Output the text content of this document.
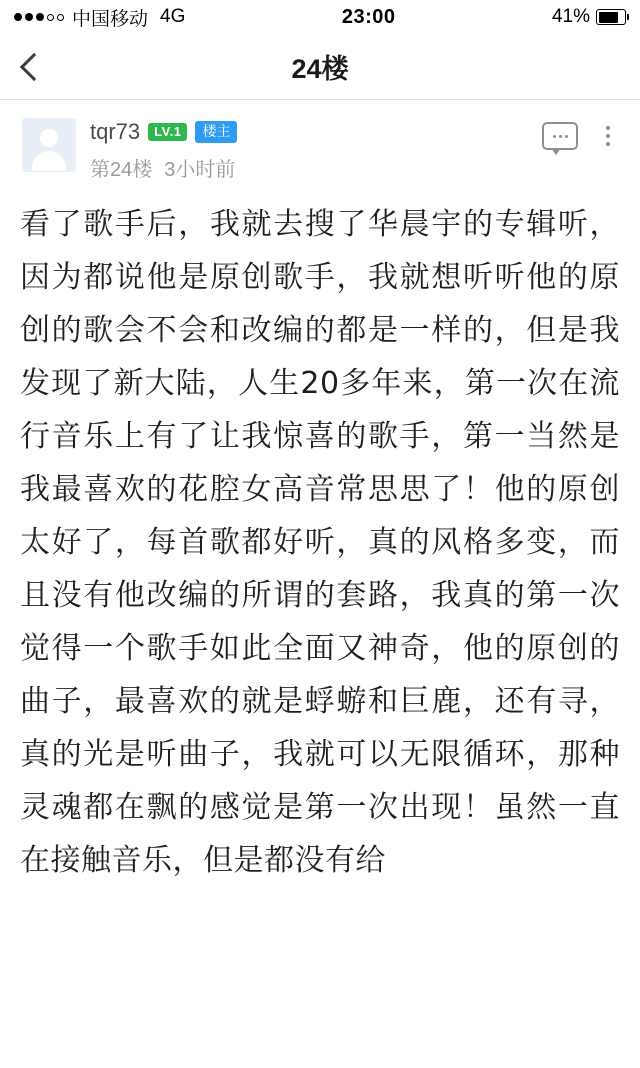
中国移动 4G	23:00	41%
24楼
tqr73	LV.1	楼主
第24楼 3小时前
看了歌手后，我就去搜了华晨宇的专辑听，因为都说他是原创歌手，我就想听听他的原创的歌会不会和改编的都是一样的，但是我发现了新大陆，人生20多年来，第一次在流行音乐上有了让我惊喜的歌手，第一当然是我最喜欢的花腔女高音常思思了！他的原创太好了，每首歌都好听，真的风格多变，而且没有他改编的所谓的套路，我真的第一次觉得一个歌手如此全面又神奇，他的原创的曲子，最喜欢的就是蜉蝣和巨鹿，还有寻，真的光是听曲子，我就可以无限循环，那种灵魂都在飘的感觉是第一次出现！虽然一直在接触音乐，但是都没有给
